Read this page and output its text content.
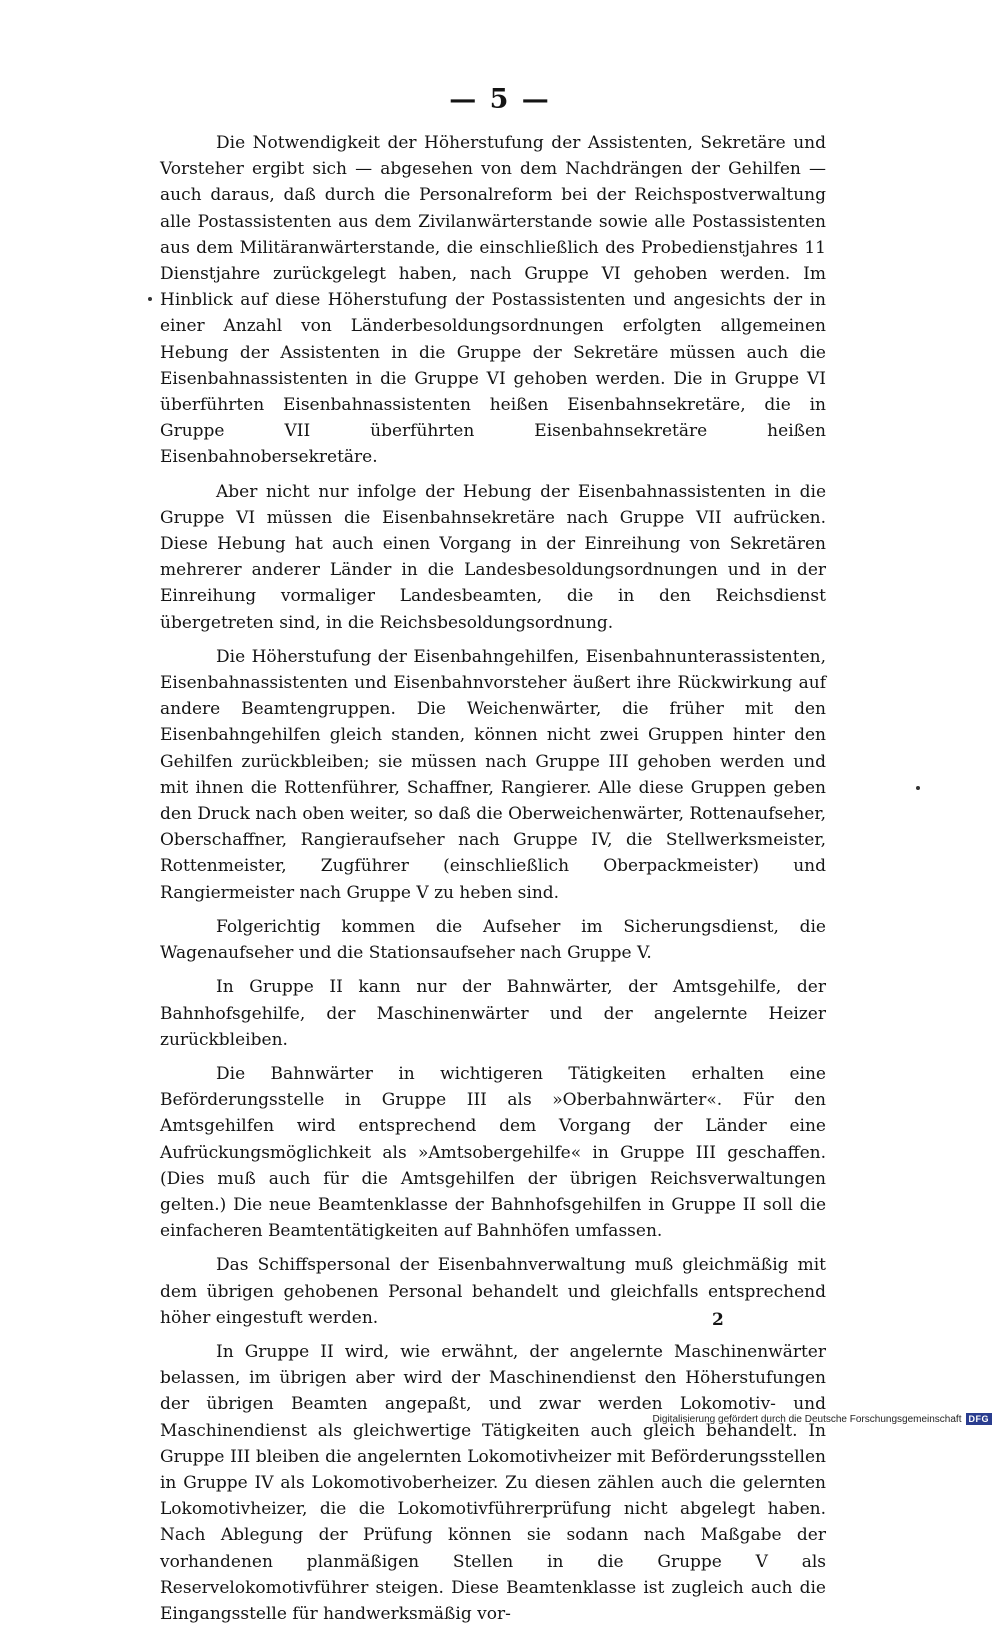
— 5 —

Die Notwendigkeit der Höherstufung der Assistenten, Sekretäre und Vorsteher ergibt sich — abgesehen von dem Nachdrängen der Gehilfen — auch daraus, daß durch die Personalreform bei der Reichspostverwaltung alle Postassistenten aus dem Zivilanwärterstande sowie alle Postassistenten aus dem Militäranwärterstande, die einschließlich des Probedienstjahres 11 Dienstjahre zurückgelegt haben, nach Gruppe VI gehoben werden. Im Hinblick auf diese Höherstufung der Postassistenten und angesichts der in einer Anzahl von Länderbesoldungsordnungen erfolgten allgemeinen Hebung der Assistenten in die Gruppe der Sekretäre müssen auch die Eisenbahnassistenten in die Gruppe VI gehoben werden. Die in Gruppe VI überführten Eisenbahnassistenten heißen Eisenbahnsekretäre, die in Gruppe VII überführten Eisenbahnsekretäre heißen Eisenbahnobersekretäre.

Aber nicht nur infolge der Hebung der Eisenbahnassistenten in die Gruppe VI müssen die Eisenbahnsekretäre nach Gruppe VII aufrücken. Diese Hebung hat auch einen Vorgang in der Einreihung von Sekretären mehrerer anderer Länder in die Landesbesoldungsordnungen und in der Einreihung vormaliger Landesbeamten, die in den Reichsdienst übergetreten sind, in die Reichsbesoldungsordnung.

Die Höherstufung der Eisenbahngehilfen, Eisenbahnunterassistenten, Eisenbahnassistenten und Eisenbahnvorsteher äußert ihre Rückwirkung auf andere Beamtengruppen. Die Weichenwärter, die früher mit den Eisenbahngehilfen gleich standen, können nicht zwei Gruppen hinter den Gehilfen zurückbleiben; sie müssen nach Gruppe III gehoben werden und mit ihnen die Rottenführer, Schaffner, Rangierer. Alle diese Gruppen geben den Druck nach oben weiter, so daß die Oberweichenwärter, Rottenaufseher, Oberschaffner, Rangieraufseher nach Gruppe IV, die Stellwerksmeister, Rottenmeister, Zugführer (einschließlich Oberpackmeister) und Rangiermeister nach Gruppe V zu heben sind.

Folgerichtig kommen die Aufseher im Sicherungsdienst, die Wagenaufseher und die Stationsaufseher nach Gruppe V.

In Gruppe II kann nur der Bahnwärter, der Amtsgehilfe, der Bahnhofsgehilfe, der Maschinenwärter und der angelernte Heizer zurückbleiben.

Die Bahnwärter in wichtigeren Tätigkeiten erhalten eine Beförderungsstelle in Gruppe III als »Oberbahnwärter«. Für den Amtsgehilfen wird entsprechend dem Vorgang der Länder eine Aufrückungsmöglichkeit als »Amtsobergehilfe« in Gruppe III geschaffen. (Dies muß auch für die Amtsgehilfen der übrigen Reichsverwaltungen gelten.) Die neue Beamtenklasse der Bahnhofsgehilfen in Gruppe II soll die einfacheren Beamtentätigkeiten auf Bahnhöfen umfassen.

Das Schiffspersonal der Eisenbahnverwaltung muß gleichmäßig mit dem übrigen gehobenen Personal behandelt und gleichfalls entsprechend höher eingestuft werden.

In Gruppe II wird, wie erwähnt, der angelernte Maschinenwärter belassen, im übrigen aber wird der Maschinendienst den Höherstufungen der übrigen Beamten angepaßt, und zwar werden Lokomotiv- und Maschinendienst als gleichwertige Tätigkeiten auch gleich behandelt. In Gruppe III bleiben die angelernten Lokomotivheizer mit Beförderungsstellen in Gruppe IV als Lokomotivoberheizer. Zu diesen zählen auch die gelernten Lokomotivheizer, die die Lokomotivführerprüfung nicht abgelegt haben. Nach Ablegung der Prüfung können sie sodann nach Maßgabe der vorhandenen planmäßigen Stellen in die Gruppe V als Reservelokomotivführer steigen. Diese Beamtenklasse ist zugleich auch die Eingangsstelle für handwerksmäßig vor-

2
Digitalisierung gefördert durch die Deutsche Forschungsgemeinschaft DFG
